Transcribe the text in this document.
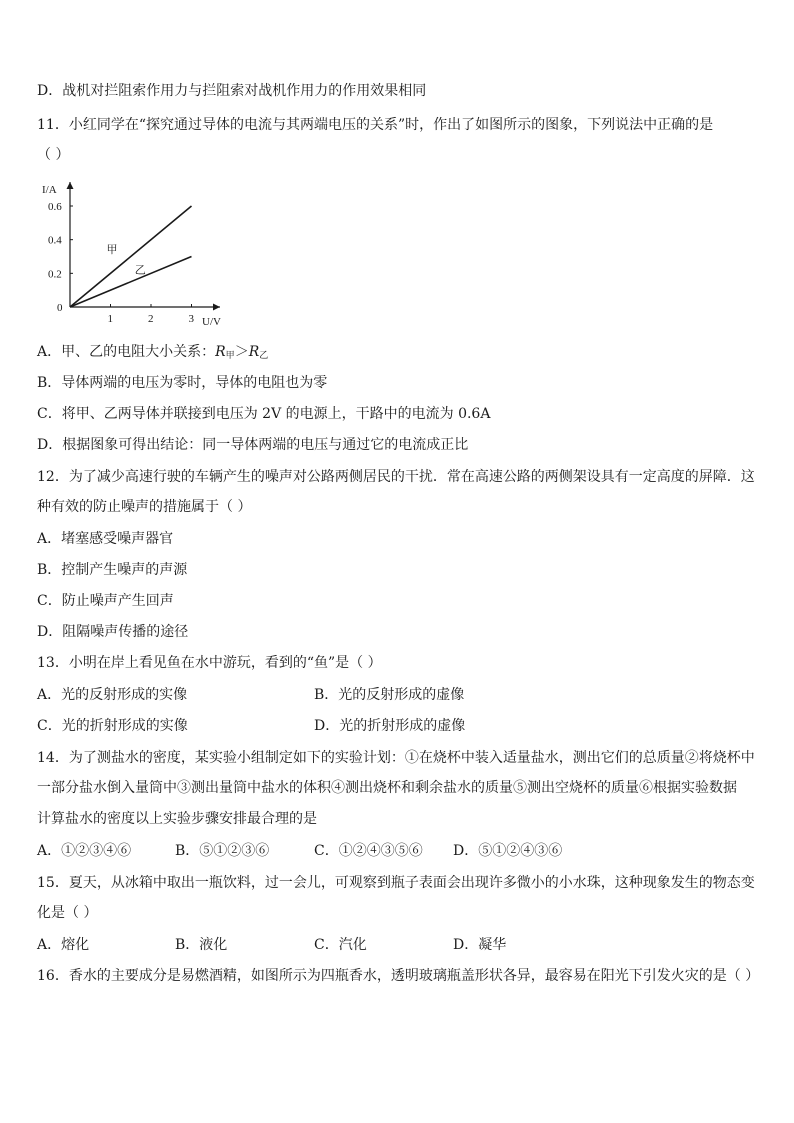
D．战机对拦阻索作用力与拦阻索对战机作用力的作用效果相同
11．小红同学在“探究通过导体的电流与其两端电压的关系”时，作出了如图所示的图象，下列说法中正确的是
（ ）
I/A
U/V
0
1	2	3
0.2
0.4
0.6
甲
乙
A．甲、乙的电阻大小关系：R甲＞R乙
B．导体两端的电压为零时，导体的电阻也为零
C．将甲、乙两导体并联接到电压为 2V 的电源上，干路中的电流为 0.6A
D．根据图象可得出结论：同一导体两端的电压与通过它的电流成正比
12．为了减少高速行驶的车辆产生的噪声对公路两侧居民的干扰．常在高速公路的两侧架设具有一定高度的屏障．这
种有效的防止噪声的措施属于（ ）
A．堵塞感受噪声器官
B．控制产生噪声的声源
C．防止噪声产生回声
D．阻隔噪声传播的途径
13．小明在岸上看见鱼在水中游玩，看到的“鱼”是（ ）
A．光的反射形成的实像	B．光的反射形成的虚像
C．光的折射形成的实像	D．光的折射形成的虚像
14．为了测盐水的密度，某实验小组制定如下的实验计划：①在烧杯中装入适量盐水，测出它们的总质量②将烧杯中
一部分盐水倒入量筒中③测出量筒中盐水的体积④测出烧杯和剩余盐水的质量⑤测出空烧杯的质量⑥根据实验数据
计算盐水的密度以上实验步骤安排最合理的是
A．①②③④⑥	B．⑤①②③⑥	C．①②④③⑤⑥ D．⑤①②④③⑥
15．夏天，从冰箱中取出一瓶饮料，过一会儿，可观察到瓶子表面会出现许多微小的小水珠，这种现象发生的物态变
化是（ ）
A．熔化	B．液化	C．汽化	D．凝华
16．香水的主要成分是易燃酒精，如图所示为四瓶香水，透明玻璃瓶盖形状各异，最容易在阳光下引发火灾的是（ ）
